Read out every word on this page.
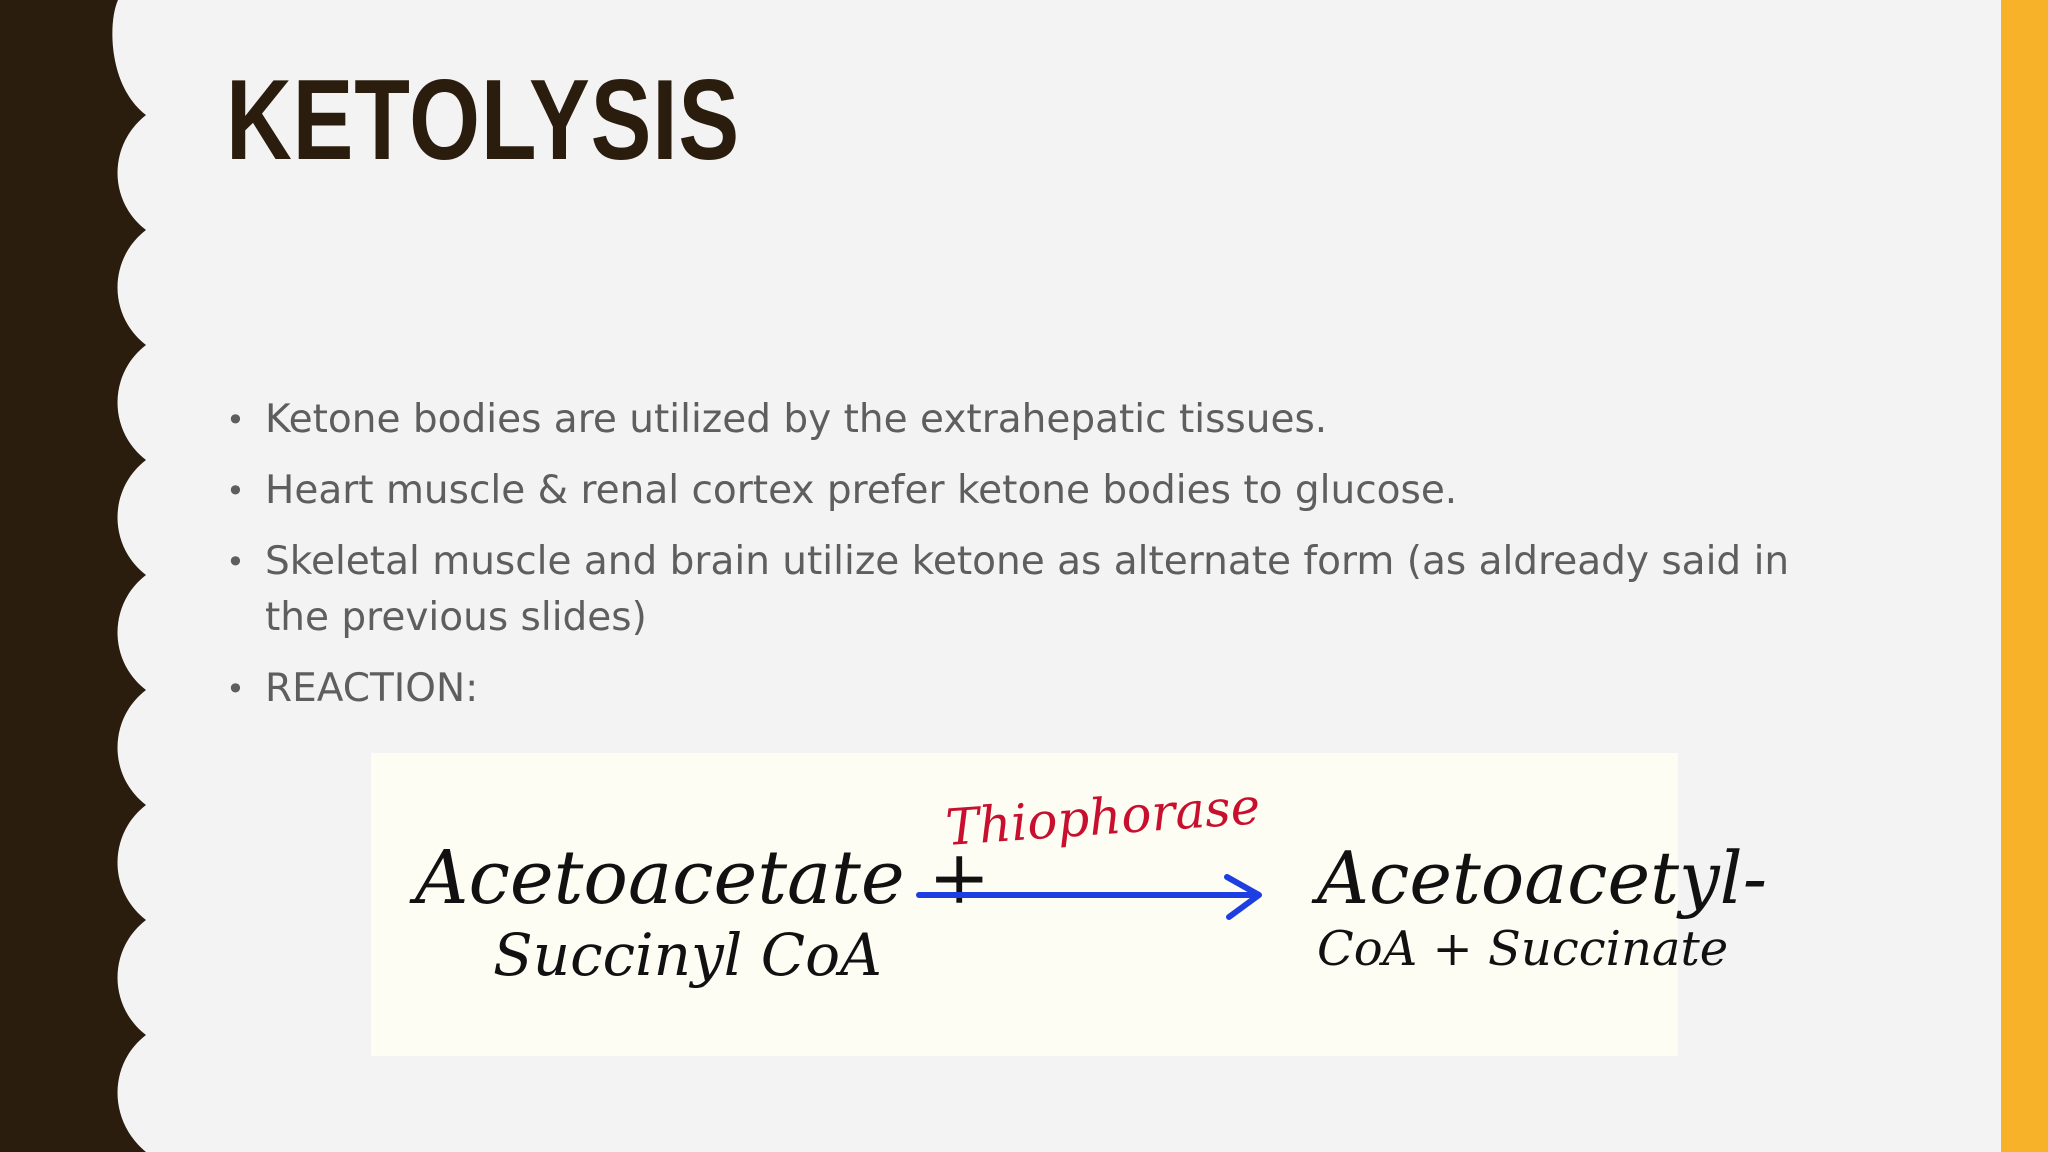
KETOLYSIS
• Ketone bodies are utilized by the extrahepatic tissues.
• Heart muscle & renal cortex prefer ketone bodies to glucose.
• Skeletal muscle and brain utilize ketone as alternate form (as aldready said in the previous slides)
• REACTION:
Acetoacetate +
Succinyl CoA
Acetoacetyl-
CoA + Succinate
Thiophorase
